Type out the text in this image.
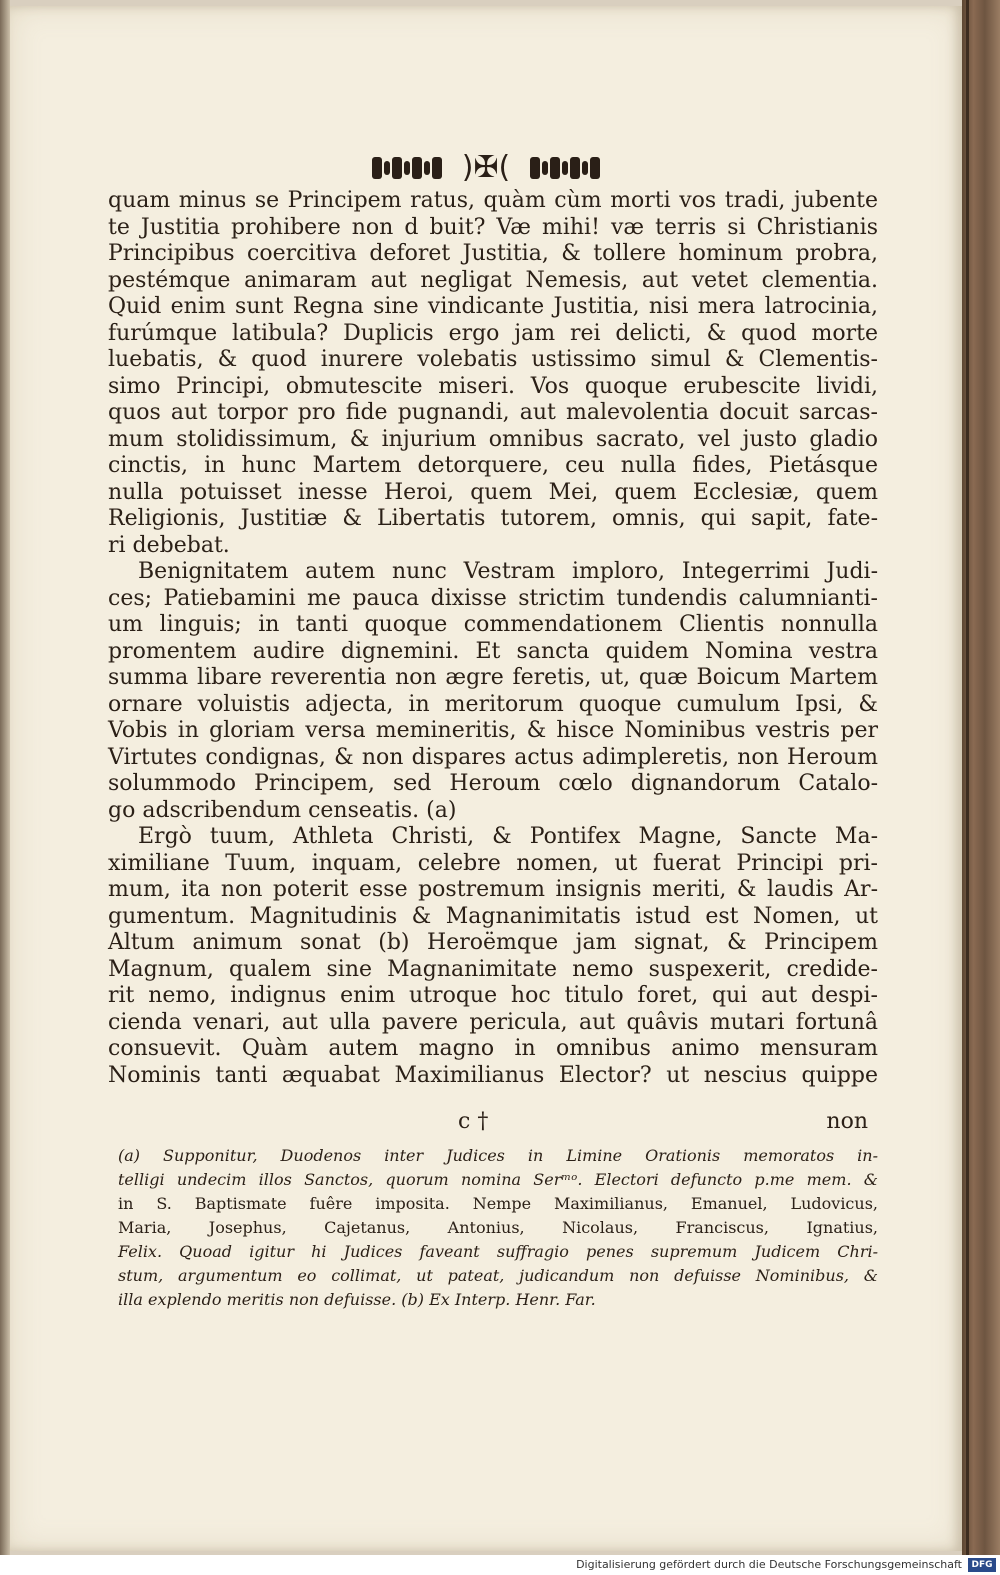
)✠(
quam minus se Principem ratus, quàm cùm morti vos tradi, jubente
te Justitia prohibere non d buit? Væ mihi! væ terris si Christianis
Principibus coercitiva deforet Justitia, & tollere hominum probra,
pestémque animaram aut negligat Nemesis, aut vetet clementia.
Quid enim sunt Regna sine vindicante Justitia, nisi mera latrocinia,
furúmque latibula? Duplicis ergo jam rei delicti, & quod morte
luebatis, & quod inurere volebatis ustissimo simul & Clementis-
simo Principi, obmutescite miseri. Vos quoque erubescite lividi,
quos aut torpor pro fide pugnandi, aut malevolentia docuit sarcas-
mum stolidissimum, & injurium omnibus sacrato, vel justo gladio
cinctis, in hunc Martem detorquere, ceu nulla fides, Pietásque
nulla potuisset inesse Heroi, quem Mei, quem Ecclesiæ, quem
Religionis, Justitiæ & Libertatis tutorem, omnis, qui sapit, fate-
ri debebat.
Benignitatem autem nunc Vestram imploro, Integerrimi Judi-
ces; Patiebamini me pauca dixisse strictim tundendis calumnianti-
um linguis; in tanti quoque commendationem Clientis nonnulla
promentem audire dignemini. Et sancta quidem Nomina vestra
summa libare reverentia non ægre feretis, ut, quæ Boicum Martem
ornare voluistis adjecta, in meritorum quoque cumulum Ipsi, &
Vobis in gloriam versa memineritis, & hisce Nominibus vestris per
Virtutes condignas, & non dispares actus adimpleretis, non Heroum
solummodo Principem, sed Heroum cœlo dignandorum Catalo-
go adscribendum censeatis. (a)
Ergò tuum, Athleta Christi, & Pontifex Magne, Sancte Ma-
ximiliane Tuum, inquam, celebre nomen, ut fuerat Principi pri-
mum, ita non poterit esse postremum insignis meriti, & laudis Ar-
gumentum. Magnitudinis & Magnanimitatis istud est Nomen, ut
Altum animum sonat (b) Heroëmque jam signat, & Principem
Magnum, qualem sine Magnanimitate nemo suspexerit, credide-
rit nemo, indignus enim utroque hoc titulo foret, qui aut despi-
cienda venari, aut ulla pavere pericula, aut quâvis mutari fortunâ
consuevit. Quàm autem magno in omnibus animo mensuram
Nominis tanti æquabat Maximilianus Elector? ut nescius quippe
c †	non
(a) Supponitur, Duodenos inter Judices in Limine Orationis memoratos in-
telligi undecim illos Sanctos, quorum nomina Serᵐᵒ. Electori defuncto p.me mem. &
in S. Baptismate fuêre imposita. Nempe Maximilianus, Emanuel, Ludovicus,
Maria, Josephus, Cajetanus, Antonius, Nicolaus, Franciscus, Ignatius,
Felix. Quoad igitur hi Judices faveant suffragio penes supremum Judicem Chri-
stum, argumentum eo collimat, ut pateat, judicandum non defuisse Nominibus, &
illa explendo meritis non defuisse. (b) Ex Interp. Henr. Far.
Digitalisierung gefördert durch die Deutsche Forschungsgemeinschaft	DFG
